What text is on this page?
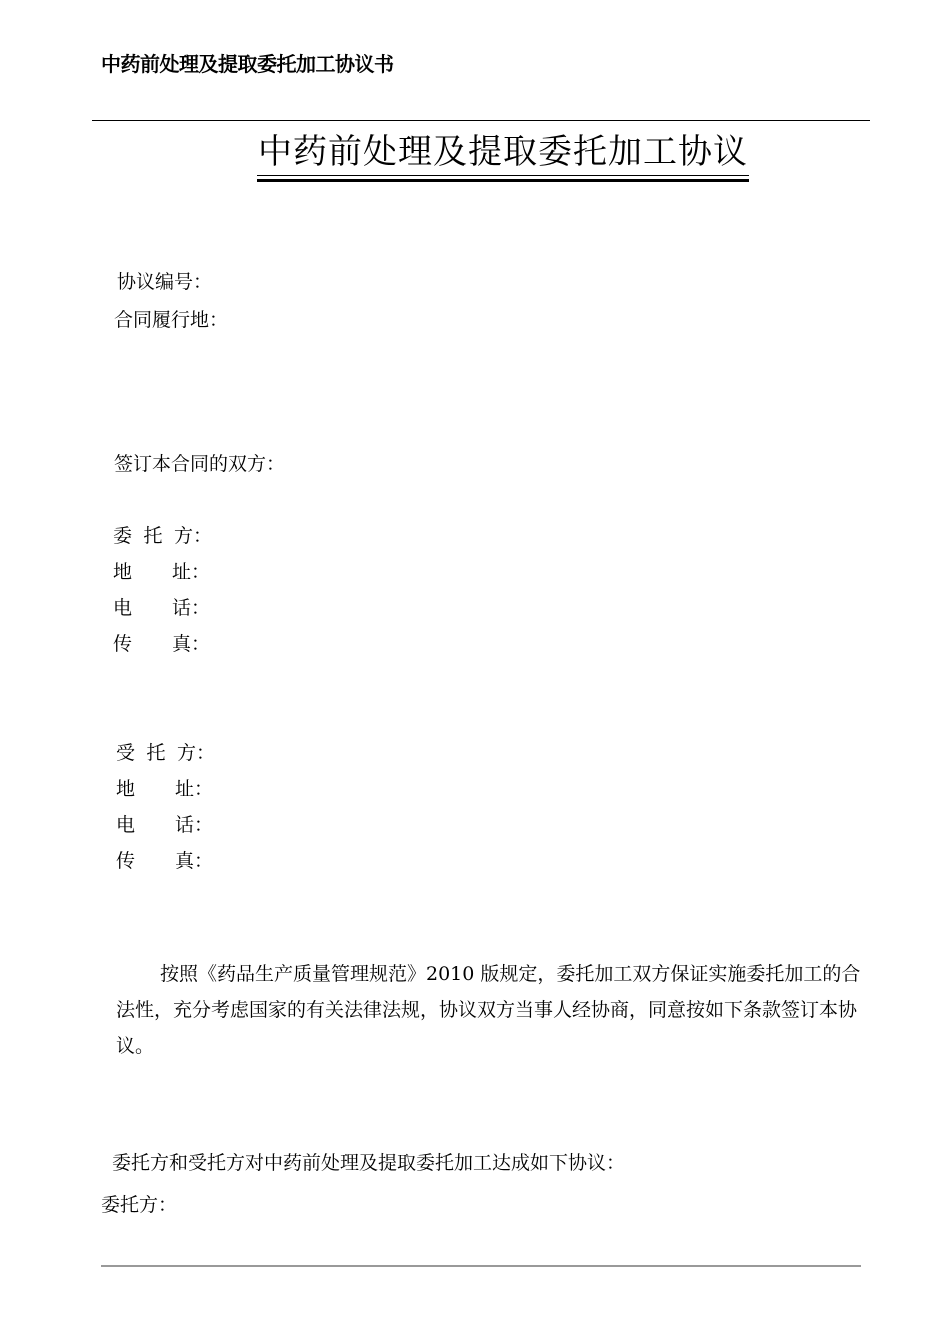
中药前处理及提取委托加工协议书
中药前处理及提取委托加工协议
协议编号：
合同履行地：
签订本合同的双方：
委 托 方：
地 址：
电 话：
传 真：
受 托 方：
地 址：
电 话：
传 真：
按照《药品生产质量管理规范》2010 版规定，委托加工双方保证实施委托加工的合法性，充分考虑国家的有关法律法规，协议双方当事人经协商，同意按如下条款签订本协议。
委托方和受托方对中药前处理及提取委托加工达成如下协议：
委托方：
